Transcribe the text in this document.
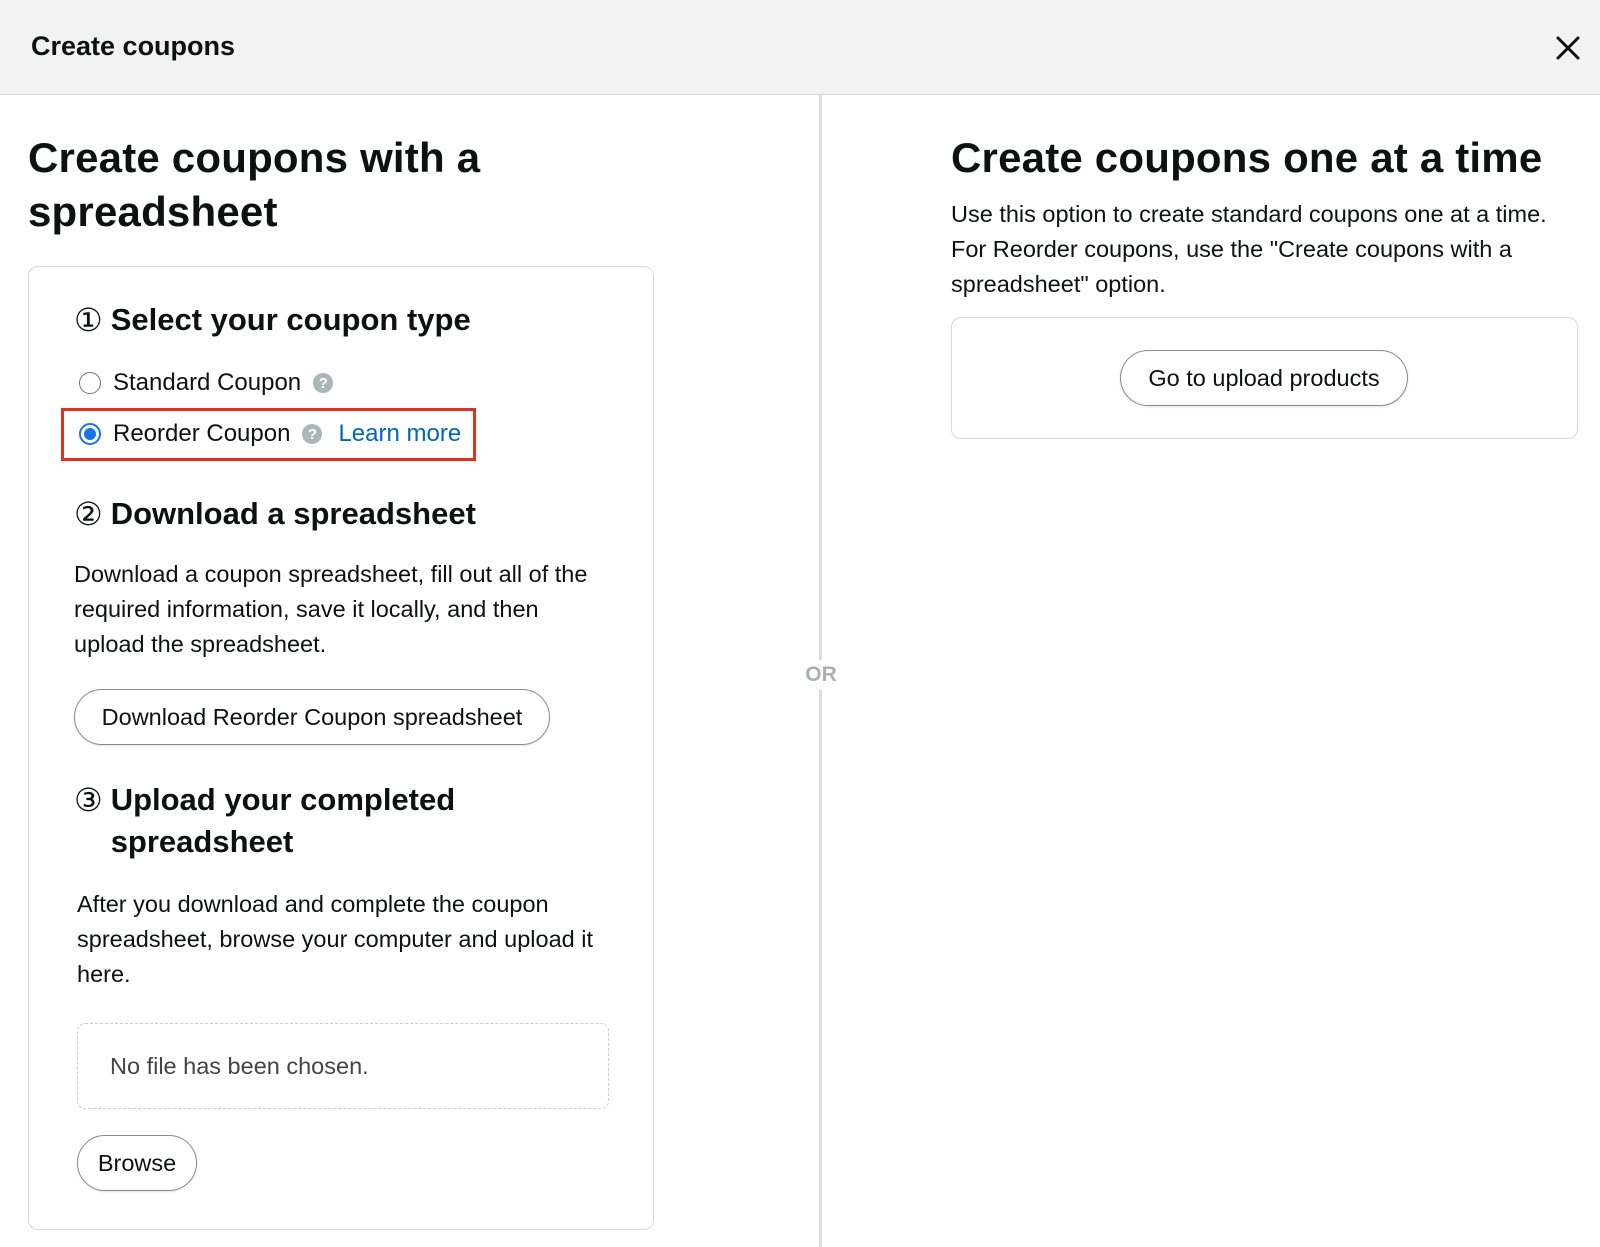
Create coupons
Create coupons with a spreadsheet
① Select your coupon type
Standard Coupon	?
Reorder Coupon	? Learn more
② Download a spreadsheet
Download a coupon spreadsheet, fill out all of the required information, save it locally, and then upload the spreadsheet.
Download Reorder Coupon spreadsheet
③ Upload your completed spreadsheet
After you download and complete the coupon spreadsheet, browse your computer and upload it here.
No file has been chosen.
Browse
OR
Create coupons one at a time
Use this option to create standard coupons one at a time. For Reorder coupons, use the "Create coupons with a spreadsheet" option.
Go to upload products
